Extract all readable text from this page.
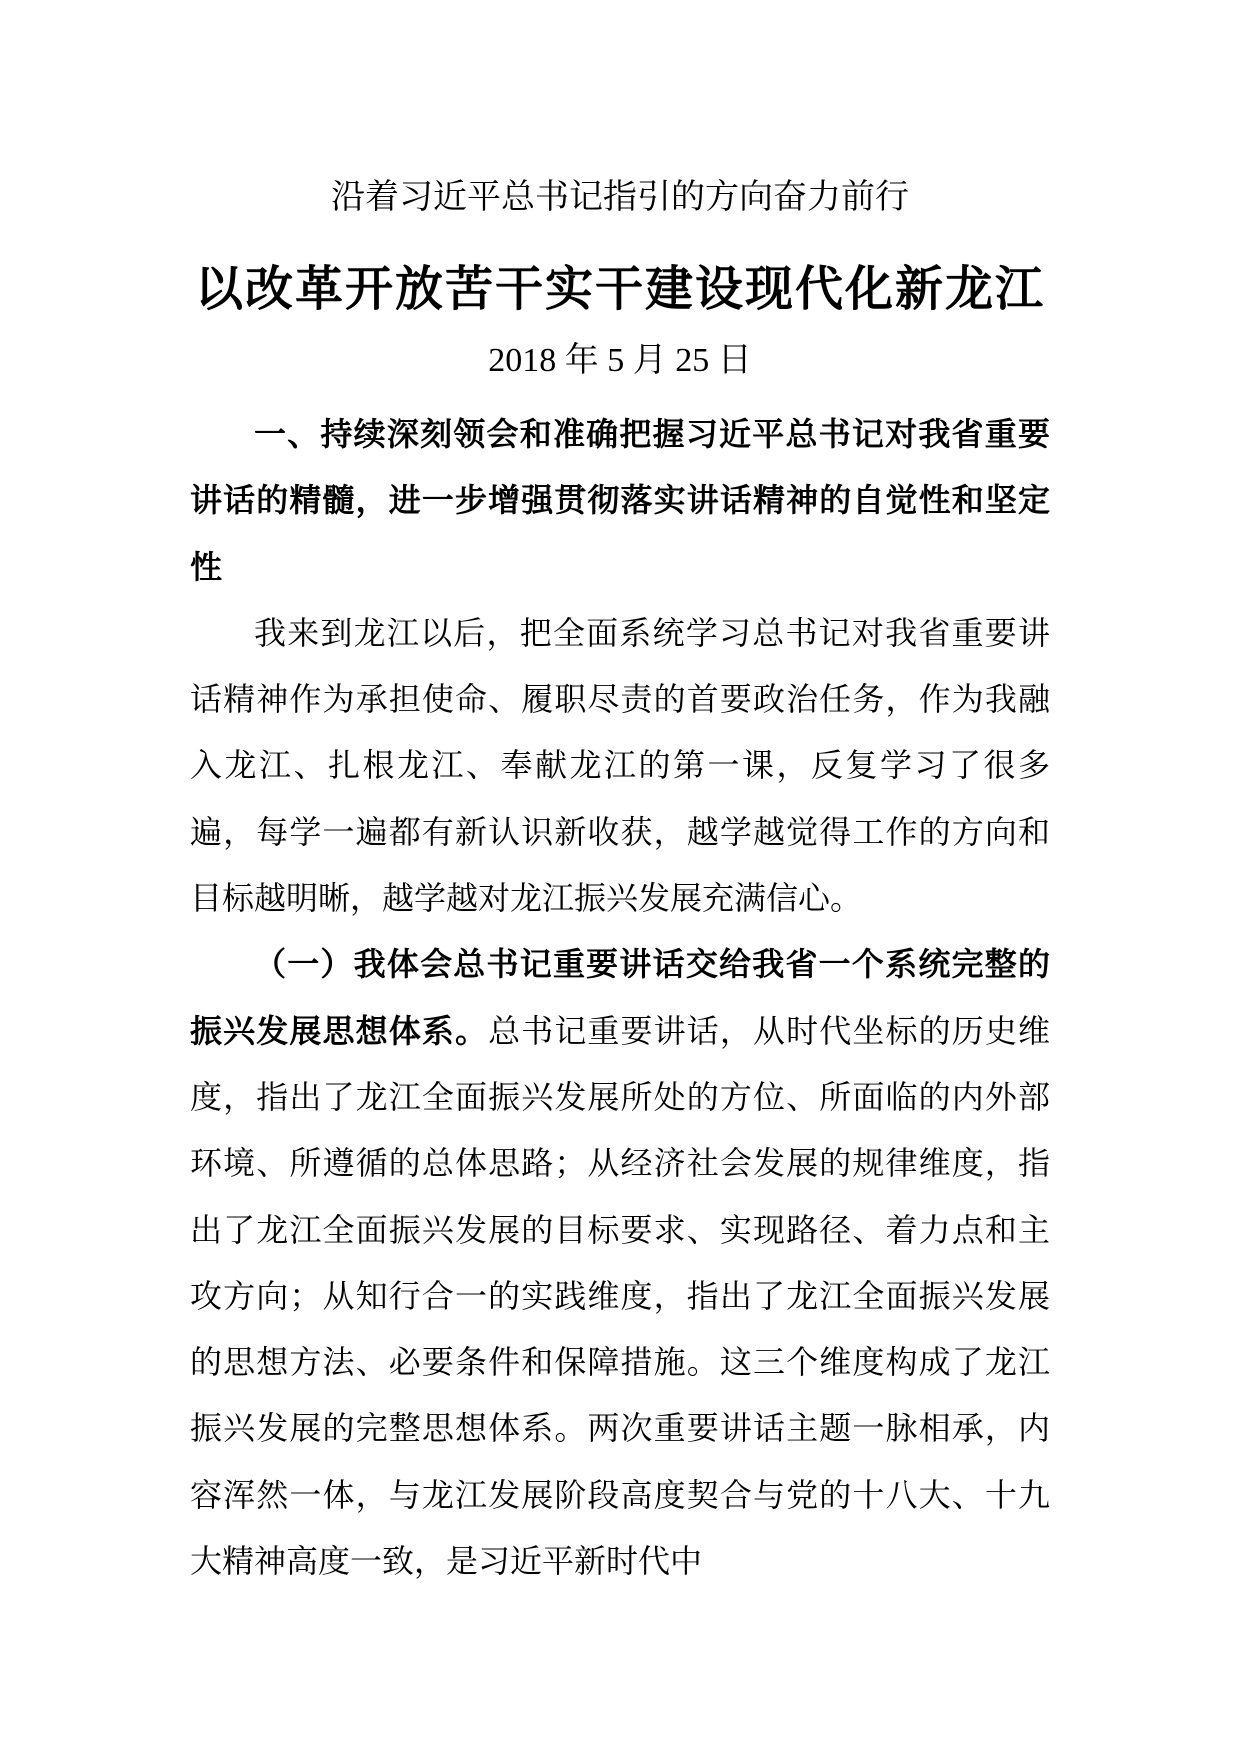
沿着习近平总书记指引的方向奋力前行
以改革开放苦干实干建设现代化新龙江
2018 年 5 月 25 日

一、持续深刻领会和准确把握习近平总书记对我省重要讲话的精髓，进一步增强贯彻落实讲话精神的自觉性和坚定性

我来到龙江以后，把全面系统学习总书记对我省重要讲话精神作为承担使命、履职尽责的首要政治任务，作为我融入龙江、扎根龙江、奉献龙江的第一课，反复学习了很多遍，每学一遍都有新认识新收获，越学越觉得工作的方向和目标越明晰，越学越对龙江振兴发展充满信心。

（一）我体会总书记重要讲话交给我省一个系统完整的振兴发展思想体系。总书记重要讲话，从时代坐标的历史维度，指出了龙江全面振兴发展所处的方位、所面临的内外部环境、所遵循的总体思路；从经济社会发展的规律维度，指出了龙江全面振兴发展的目标要求、实现路径、着力点和主攻方向；从知行合一的实践维度，指出了龙江全面振兴发展的思想方法、必要条件和保障措施。这三个维度构成了龙江振兴发展的完整思想体系。两次重要讲话主题一脉相承，内容浑然一体，与龙江发展阶段高度契合与党的十八大、十九大精神高度一致，是习近平新时代中
